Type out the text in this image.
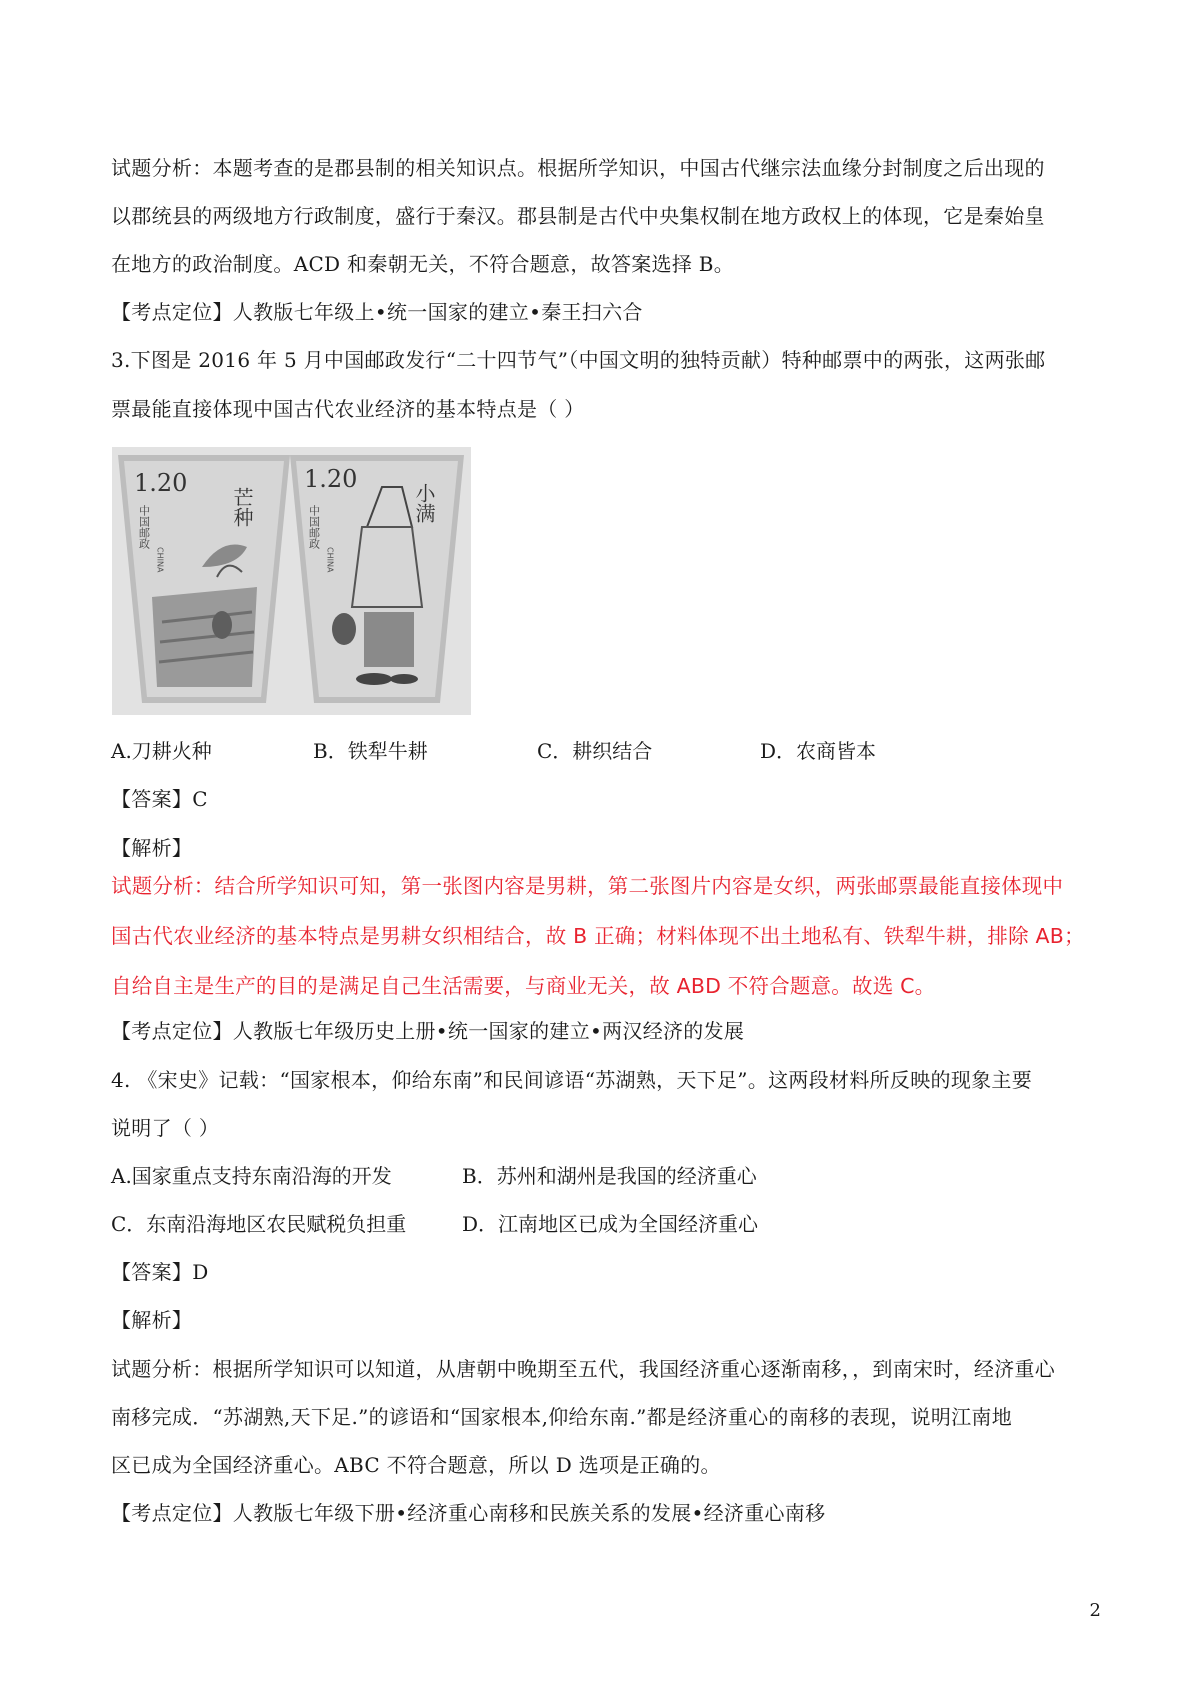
试题分析：本题考查的是郡县制的相关知识点。根据所学知识，中国古代继宗法血缘分封制度之后出现的
以郡统县的两级地方行政制度，盛行于秦汉。郡县制是古代中央集权制在地方政权上的体现，它是秦始皇
在地方的政治制度。ACD 和秦朝无关，不符合题意，故答案选择 B。
【考点定位】人教版七年级上•统一国家的建立•秦王扫六合
3.下图是 2016 年 5 月中国邮政发行“二十四节气”（中国文明的独特贡献）特种邮票中的两张，这两张邮
票最能直接体现中国古代农业经济的基本特点是（ ）
1.20
芒种
中国邮政
CHINA
1.20
小满
中国邮政
CHINA
A.刀耕火种	B．铁犁牛耕	C．耕织结合	D．农商皆本
【答案】C
【解析】
试题分析：结合所学知识可知，第一张图内容是男耕，第二张图片内容是女织，两张邮票最能直接体现中
国古代农业经济的基本特点是男耕女织相结合，故 B 正确；材料体现不出土地私有、铁犁牛耕，排除 AB；
自给自主是生产的目的是满足自己生活需要，与商业无关，故 ABD 不符合题意。故选 C。
【考点定位】人教版七年级历史上册•统一国家的建立•两汉经济的发展
4. 《宋史》记载：“国家根本，仰给东南”和民间谚语“苏湖熟，天下足”。这两段材料所反映的现象主要
说明了（ ）
A.国家重点支持东南沿海的开发	B．苏州和湖州是我国的经济重心
C．东南沿海地区农民赋税负担重	D．江南地区已成为全国经济重心
【答案】D
【解析】
试题分析：根据所学知识可以知道，从唐朝中晚期至五代，我国经济重心逐渐南移，，到南宋时，经济重心
南移完成．“苏湖熟,天下足.”的谚语和“国家根本,仰给东南.”都是经济重心的南移的表现，说明江南地
区已成为全国经济重心。ABC 不符合题意，所以 D 选项是正确的。
【考点定位】人教版七年级下册•经济重心南移和民族关系的发展•经济重心南移
2
